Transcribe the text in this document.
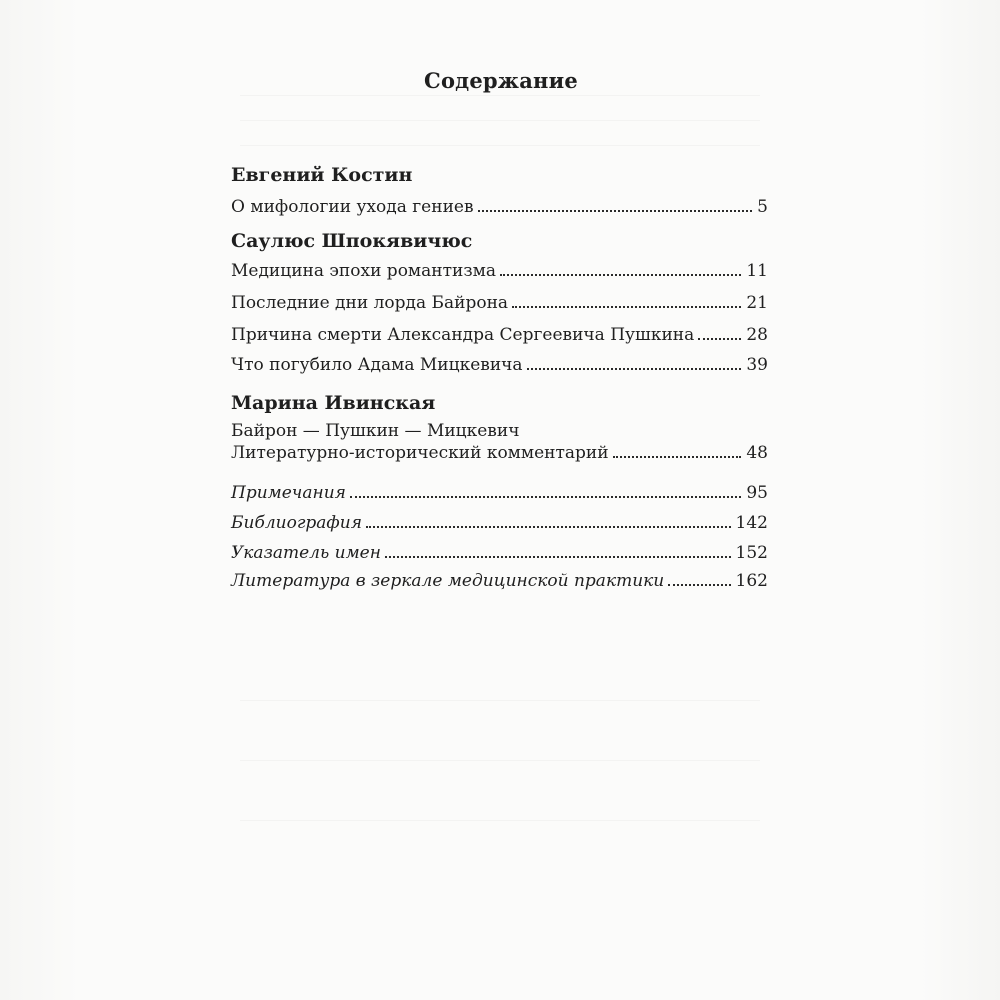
Содержание
Евгений Костин
О мифологии ухода гениев	5
Саулюс Шпокявичюс
Медицина эпохи романтизма	11
Последние дни лорда Байрона	21
Причина смерти Александра Сергеевича Пушкина	28
Что погубило Адама Мицкевича	39
Марина Ивинская
Байрон — Пушкин — Мицкевич
Литературно-исторический комментарий	48
Примечания	95
Библиография	142
Указатель имен	152
Литература в зеркале медицинской практики	162
